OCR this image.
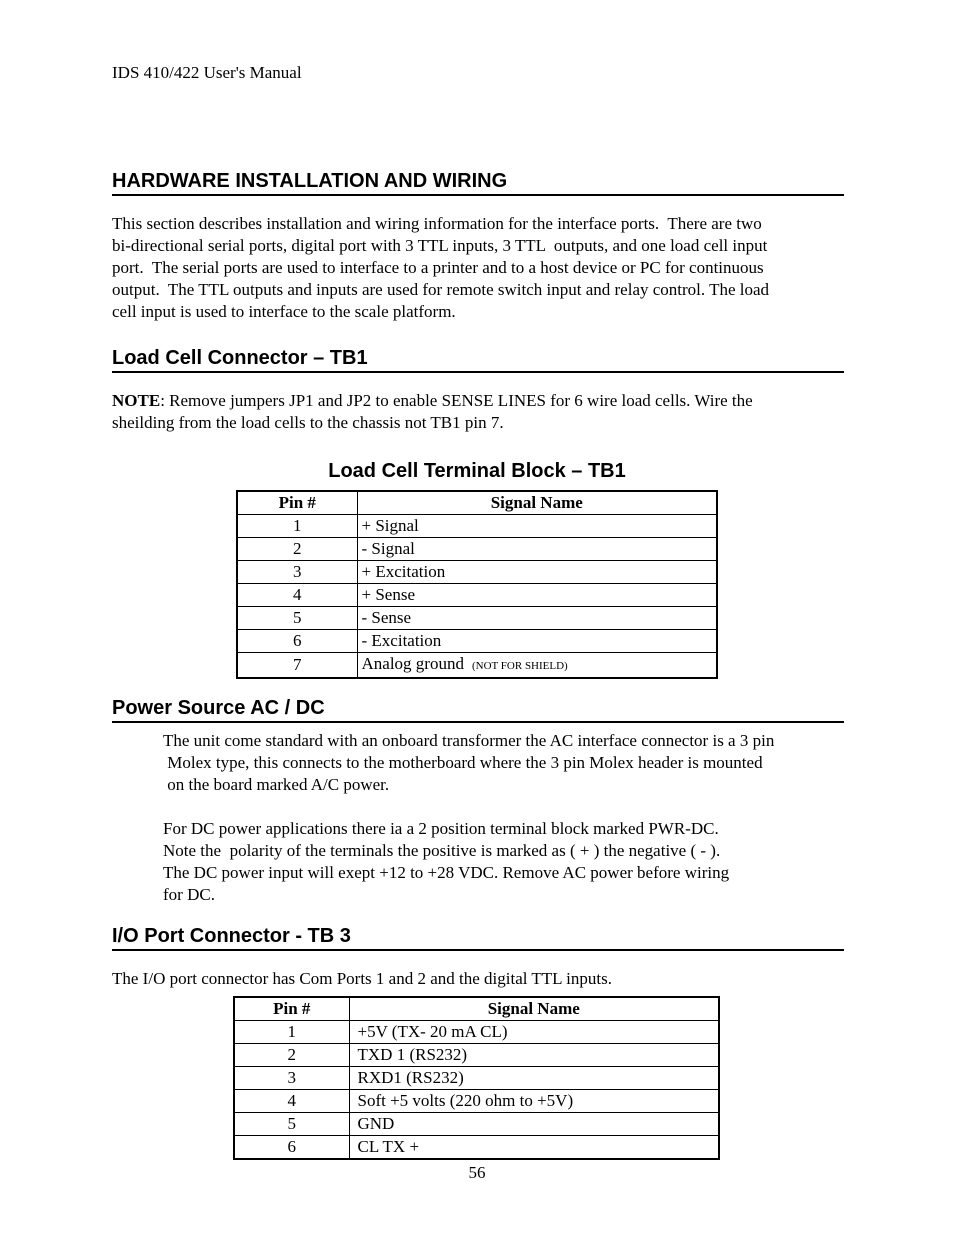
IDS 410/422 User's Manual
HARDWARE INSTALLATION AND WIRING
This section describes installation and wiring information for the interface ports.  There are two
bi-directional serial ports, digital port with 3 TTL inputs, 3 TTL  outputs, and one load cell input
port.  The serial ports are used to interface to a printer and to a host device or PC for continuous
output.  The TTL outputs and inputs are used for remote switch input and relay control. The load
cell input is used to interface to the scale platform.
Load Cell Connector – TB1
NOTE: Remove jumpers JP1 and JP2 to enable SENSE LINES for 6 wire load cells. Wire the
sheilding from the load cells to the chassis not TB1 pin 7.
Load Cell Terminal Block – TB1
Pin #	Signal Name
1	+ Signal
2	- Signal
3	+ Excitation
4	+ Sense
5	- Sense
6	- Excitation
7	Analog ground (NOT FOR SHIELD)
Power Source AC / DC
The unit come standard with an onboard transformer the AC interface connector is a 3 pin
Molex type, this connects to the motherboard where the 3 pin Molex header is mounted
on the board marked A/C power.
For DC power applications there ia a 2 position terminal block marked PWR-DC.
Note the  polarity of the terminals the positive is marked as ( + ) the negative ( - ).
The DC power input will exept +12 to +28 VDC. Remove AC power before wiring
for DC.
I/O Port Connector - TB 3
The I/O port connector has Com Ports 1 and 2 and the digital TTL inputs.
Pin #	Signal Name
1	+5V (TX- 20 mA CL)
2	TXD 1 (RS232)
3	RXD1 (RS232)
4	Soft +5 volts (220 ohm to +5V)
5	GND
6	CL TX +
56
